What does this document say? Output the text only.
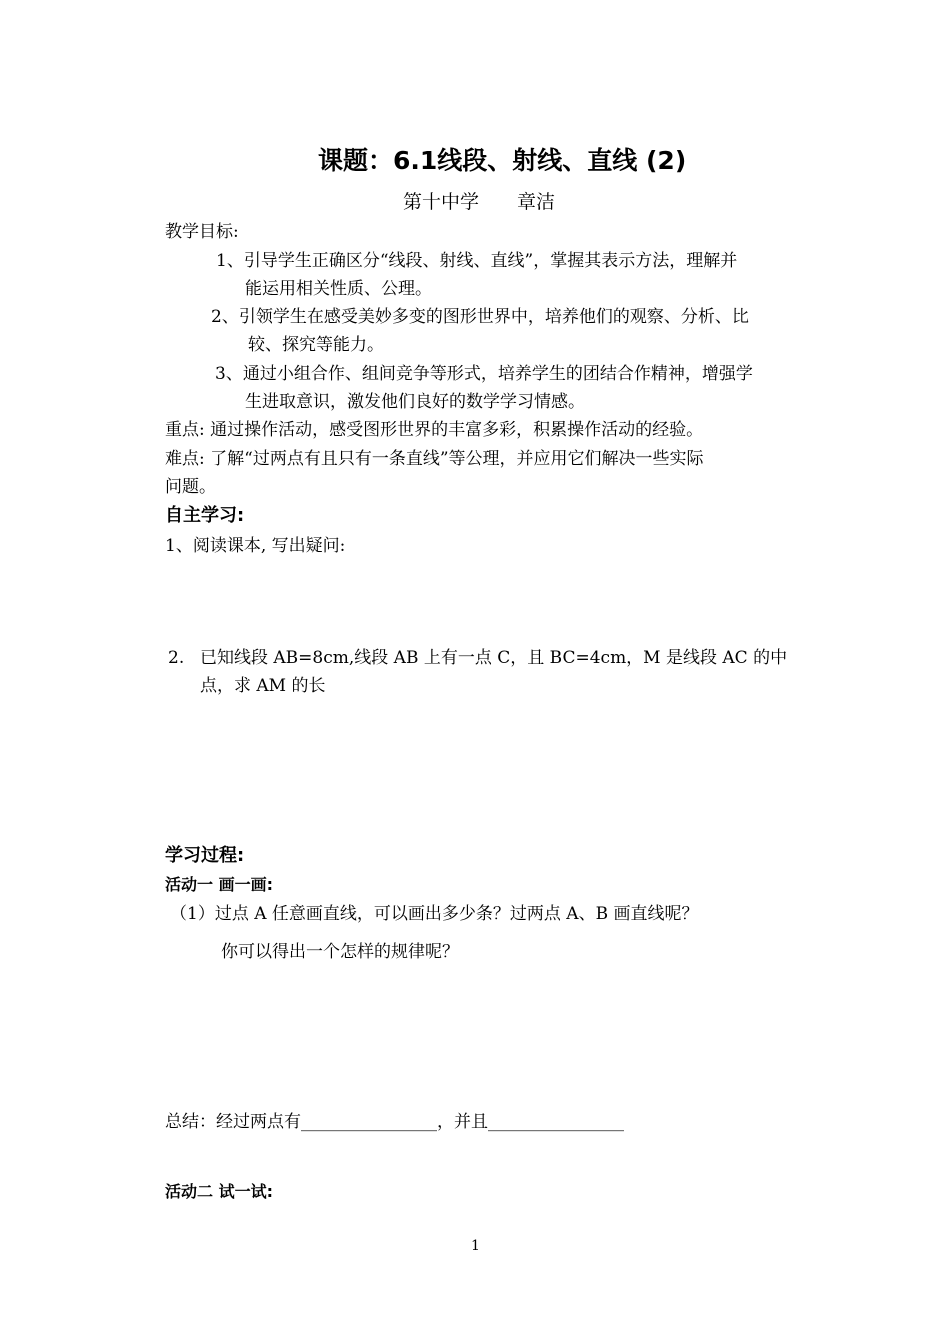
课题：6.1线段、射线、直线 (2)
第十中学　　章洁
教学目标:
1、引导学生正确区分“线段、射线、直线”，掌握其表示方法，理解并
能运用相关性质、公理。
2、引领学生在感受美妙多变的图形世界中，培养他们的观察、分析、比
较、探究等能力。
3、通过小组合作、组间竞争等形式，培养学生的团结合作精神，增强学
生进取意识，激发他们良好的数学学习情感。
重点: 通过操作活动，感受图形世界的丰富多彩，积累操作活动的经验。
难点: 了解“过两点有且只有一条直线”等公理，并应用它们解决一些实际
问题。
自主学习:
1、阅读课本, 写出疑问:
2. 已知线段 AB=8cm,线段 AB 上有一点 C，且 BC=4cm，M 是线段 AC 的中
点，求 AM 的长
学习过程:
活动一 画一画:
（1）过点 A 任意画直线，可以画出多少条？过两点 A、B 画直线呢？
你可以得出一个怎样的规律呢？
总结：经过两点有________________，并且________________
活动二 试一试:
1
